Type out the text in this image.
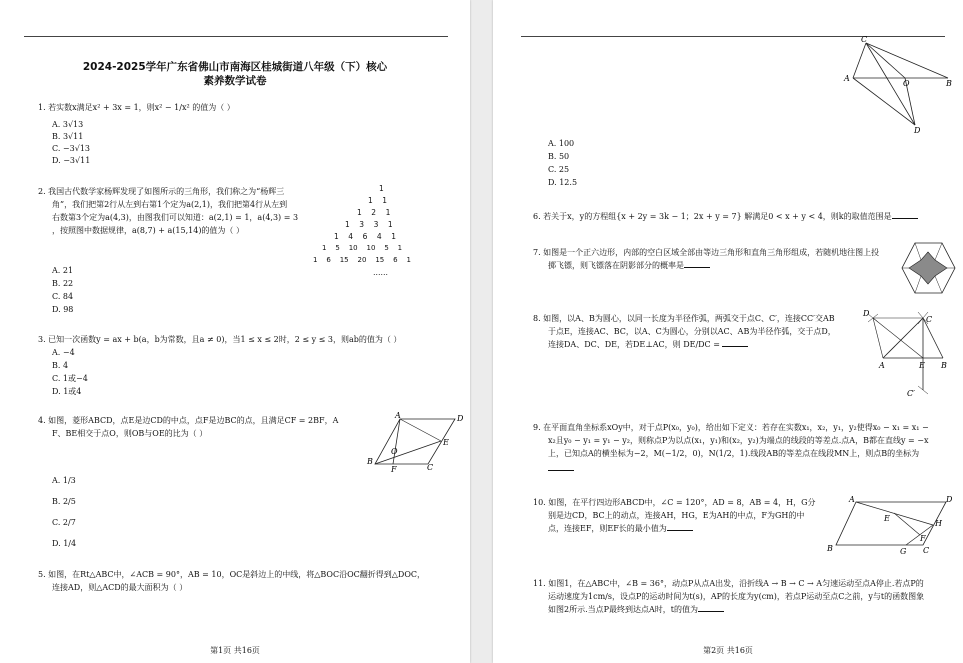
2024-2025学年广东省佛山市南海区桂城街道八年级（下）核心
素养数学试卷
1. 若实数x满足x² + 3x = 1，则x² − 1/x² 的值为（ ）
A. 3√13
B. 3√11
C. −3√13
D. −3√11
2. 我国古代数学家杨辉发现了如图所示的三角形，我们称之为“杨辉三
角”，我们把第2行从左到右第1个定为a(2,1)，我们把第4行从左到
右数第3个定为a(4,3)，由图我们可以知道：a(2,1) = 1，a(4,3) = 3
，按照图中数据规律，a(8,7) + a(15,14)的值为（ ）
1
1    1
1    2    1
1    3    3    1
1    4    6    4    1
1    5    10    10    5    1
1    6    15    20    15    6    1
……
A. 21
B. 22
C. 84
D. 98
3. 已知一次函数y = ax + b(a，b为常数，且a ≠ 0)，当1 ≤ x ≤ 2时，2 ≤ y ≤ 3，则ab的值为（ ）
A. −4
B. 4
C. 1或−4
D. 1或4
4. 如图，菱形ABCD，点E是边CD的中点，点F是边BC的点，且满足CF = 2BF，A
F、BE相交于点O，则OB与OE的比为（ ）
A	D
E
B
F	C
O
A. 1/3
B. 2/5
C. 2/7
D. 1/4
5. 如图，在Rt△ABC中，∠ACB = 90°，AB = 10，OC是斜边上的中线，将△BOC沿OC翻折得到△DOC，
连接AD，则△ACD的最大面积为（ ）
第1页 共16页
C
A
O	B
D
A. 100
B. 50
C. 25
D. 12.5
6. 若关于x，y的方程组{x + 2y = 3k − 1；2x + y = 7} 解满足0 < x + y < 4，则k的取值范围是
7. 如图是一个正六边形，内部的空白区域全部由等边三角形和直角三角形组成，若随机地往图上投
掷飞镖，则飞镖落在阴影部分的概率是
8. 如图，以A、B为圆心，以同一长度为半径作弧，两弧交于点C、C′，连接CC′交AB
于点E，连接AC、BC，以A、C为圆心，分别以AC、AB为半径作弧，交于点D，
连接DA、DC、DE，若DE⊥AC，则 DE/DC =
D
C
A	E B
C′
9. 在平面直角坐标系xOy中，对于点P(x₀，y₀)，给出如下定义：若存在实数x₁，x₂，y₁，y₂使得x₀ − x₁ = x₁ −
x₂且y₀ − y₁ = y₁ − y₂，则称点P为以点(x₁，y₁)和(x₂，y₂)为端点的线段的等差点.点A，B都在直线y = −x
上，已知点A的横坐标为−2，M(−1/2，0)，N(1/2，1).线段AB的等差点在线段MN上，则点B的坐标为
10. 如图，在平行四边形ABCD中，∠C = 120°，AD = 8，AB = 4，H，G分
别是边CD，BC上的动点，连接AH，HG，E为AH的中点，F为GH的中
点，连接EF，则EF长的最小值为
A	D
E
H
F
B	G C
11. 如图1，在△ABC中，∠B = 36°，动点P从点A出发，沿折线A → B → C → A匀速运动至点A停止.若点P的
运动速度为1cm/s，设点P的运动时间为t(s)，AP的长度为y(cm)，若点P运动至点C之前，y与t的函数图象
如图2所示.当点P最终到达点A时，t的值为
第2页 共16页
